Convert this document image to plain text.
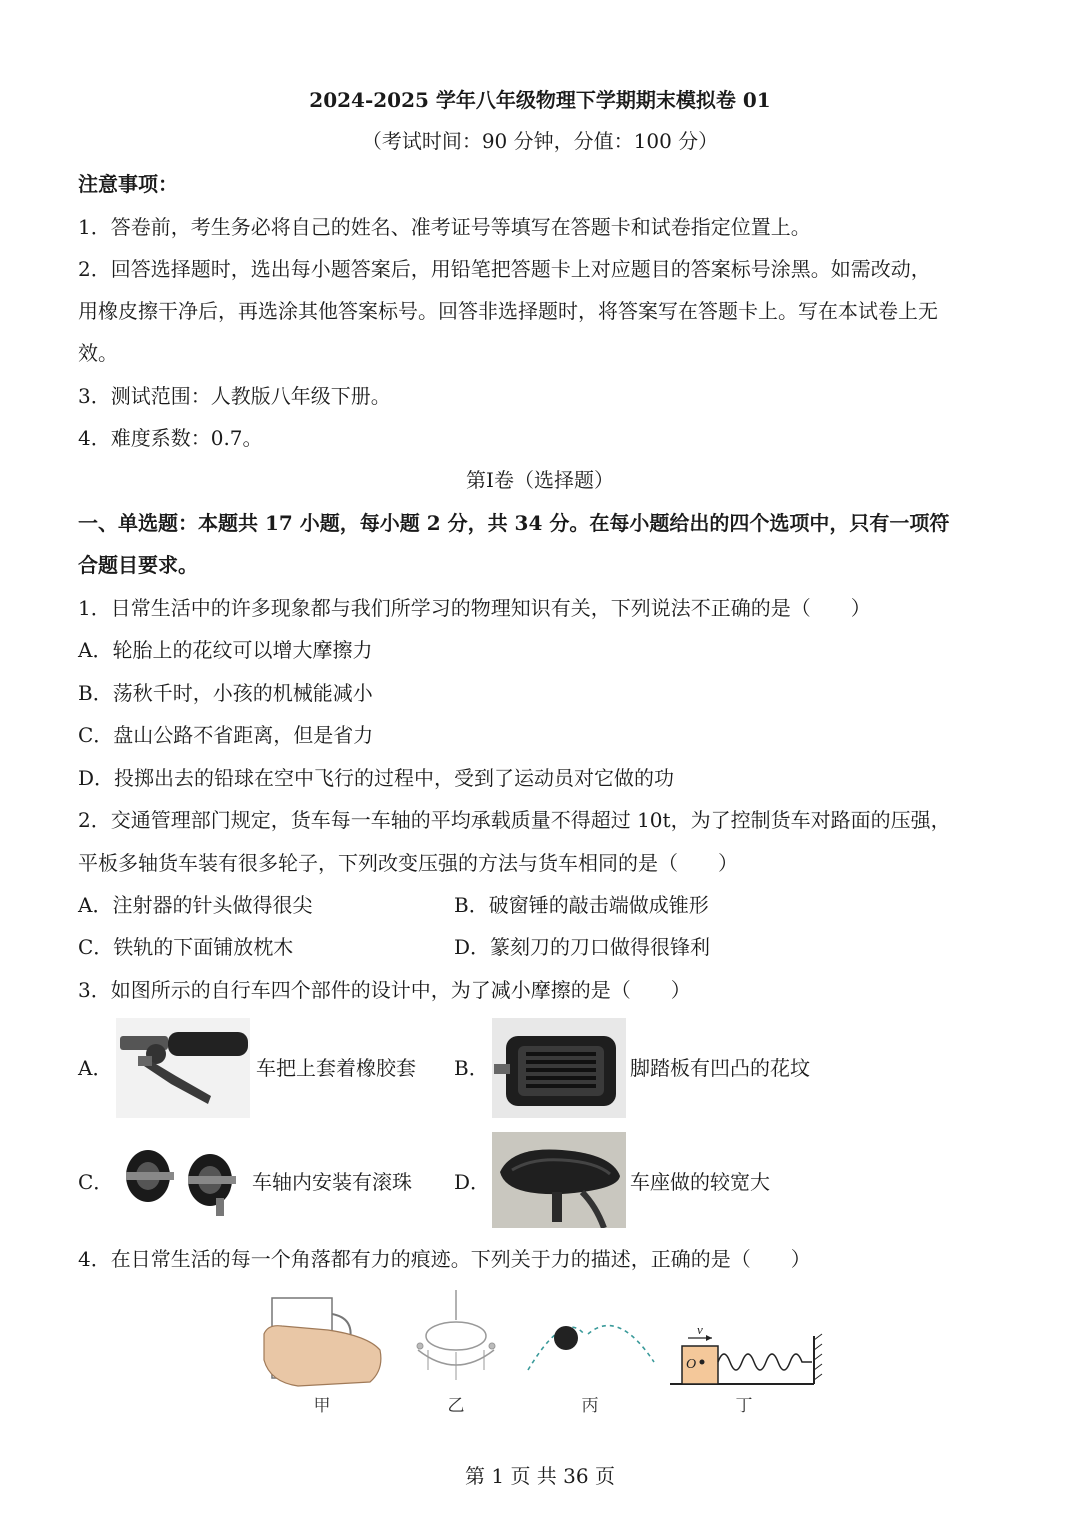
2024-2025 学年八年级物理下学期期末模拟卷 01
（考试时间：90 分钟，分值：100 分）
注意事项：
1．答卷前，考生务必将自己的姓名、准考证号等填写在答题卡和试卷指定位置上。
2．回答选择题时，选出每小题答案后，用铅笔把答题卡上对应题目的答案标号涂黑。如需改动，
用橡皮擦干净后，再选涂其他答案标号。回答非选择题时，将答案写在答题卡上。写在本试卷上无
效。
3．测试范围：人教版八年级下册。
4．难度系数：0.7。
第Ⅰ卷（选择题）
一、单选题：本题共 17 小题，每小题 2 分，共 34 分。在每小题给出的四个选项中，只有一项符
合题目要求。
1．日常生活中的许多现象都与我们所学习的物理知识有关，下列说法不正确的是（　　）
A．轮胎上的花纹可以增大摩擦力
B．荡秋千时，小孩的机械能减小
C．盘山公路不省距离，但是省力
D．投掷出去的铅球在空中飞行的过程中，受到了运动员对它做的功
2．交通管理部门规定，货车每一车轴的平均承载质量不得超过 10t，为了控制货车对路面的压强，
平板多轴货车装有很多轮子，下列改变压强的方法与货车相同的是（　　）
A．注射器的针头做得很尖	B．破窗锤的敲击端做成锥形
C．铁轨的下面铺放枕木	D．篆刻刀的刀口做得很锋利
3．如图所示的自行车四个部件的设计中，为了减小摩擦的是（　　）
A．	车把上套着橡胶套 B．	脚踏板有凹凸的花坟
C．	车轴内安装有滚珠 D．	车座做的较宽大
4．在日常生活的每一个角落都有力的痕迹。下列关于力的描述，正确的是（　　）
v
O
甲	乙	丙	丁
第 1 页 共 36 页
